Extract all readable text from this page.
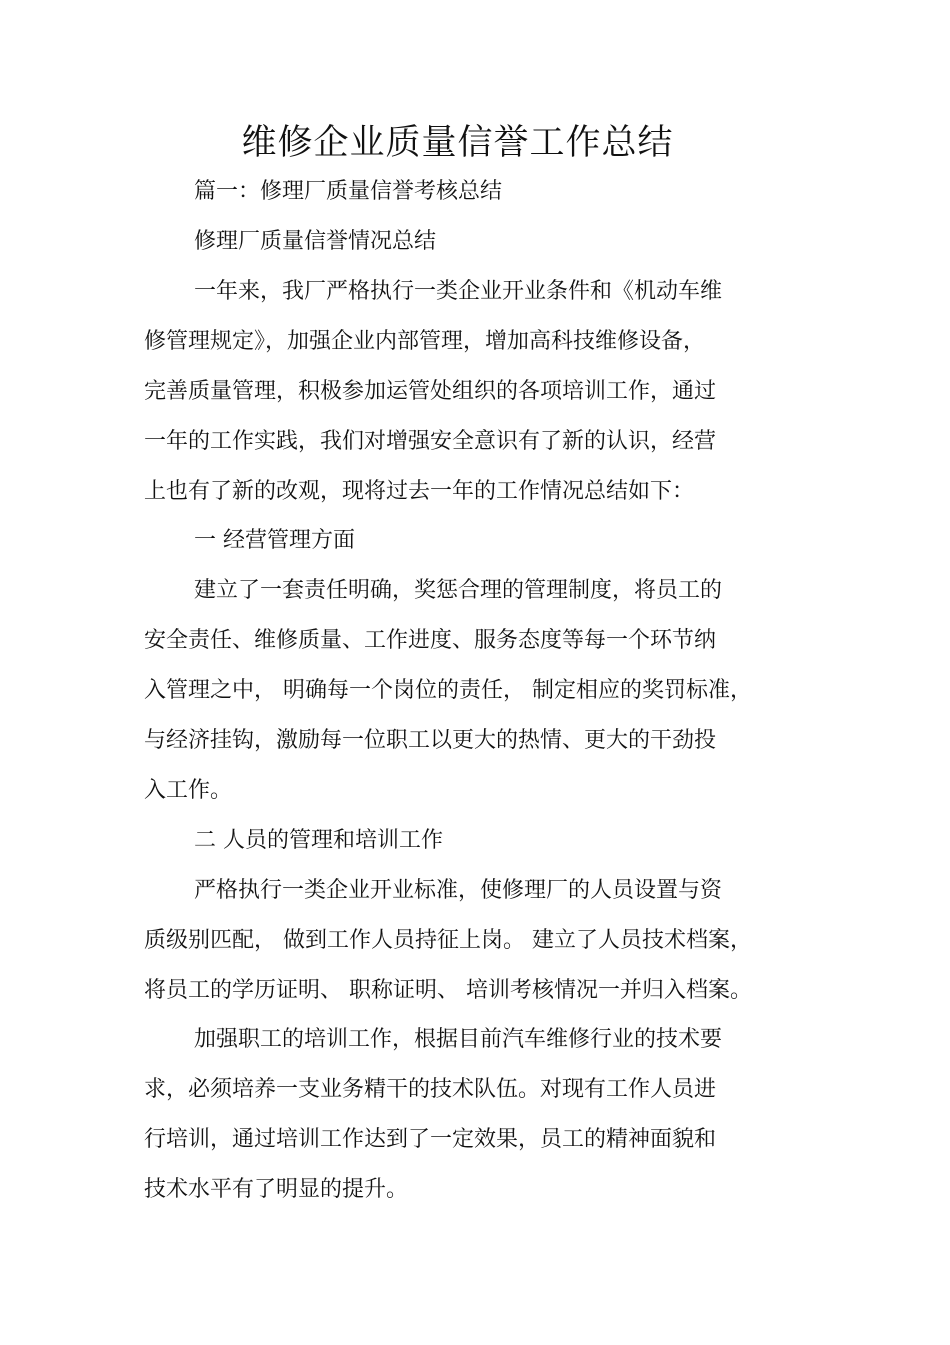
维修企业质量信誉工作总结
篇一：修理厂质量信誉考核总结
修理厂质量信誉情况总结
一年来，我厂严格执行一类企业开业条件和《机动车维
修管理规定》，加强企业内部管理，增加高科技维修设备，
完善质量管理，积极参加运管处组织的各项培训工作，通过
一年的工作实践，我们对增强安全意识有了新的认识，经营
上也有了新的改观，现将过去一年的工作情况总结如下：
一 经营管理方面
建立了一套责任明确，奖惩合理的管理制度，将员工的
安全责任、维修质量、工作进度、服务态度等每一个环节纳
入管理之中， 明确每一个岗位的责任， 制定相应的奖罚标准，
与经济挂钩，激励每一位职工以更大的热情、更大的干劲投
入工作。
二 人员的管理和培训工作
严格执行一类企业开业标准，使修理厂的人员设置与资
质级别匹配， 做到工作人员持征上岗。 建立了人员技术档案，
将员工的学历证明、 职称证明、 培训考核情况一并归入档案。
加强职工的培训工作，根据目前汽车维修行业的技术要
求，必须培养一支业务精干的技术队伍。对现有工作人员进
行培训，通过培训工作达到了一定效果，员工的精神面貌和
技术水平有了明显的提升。
